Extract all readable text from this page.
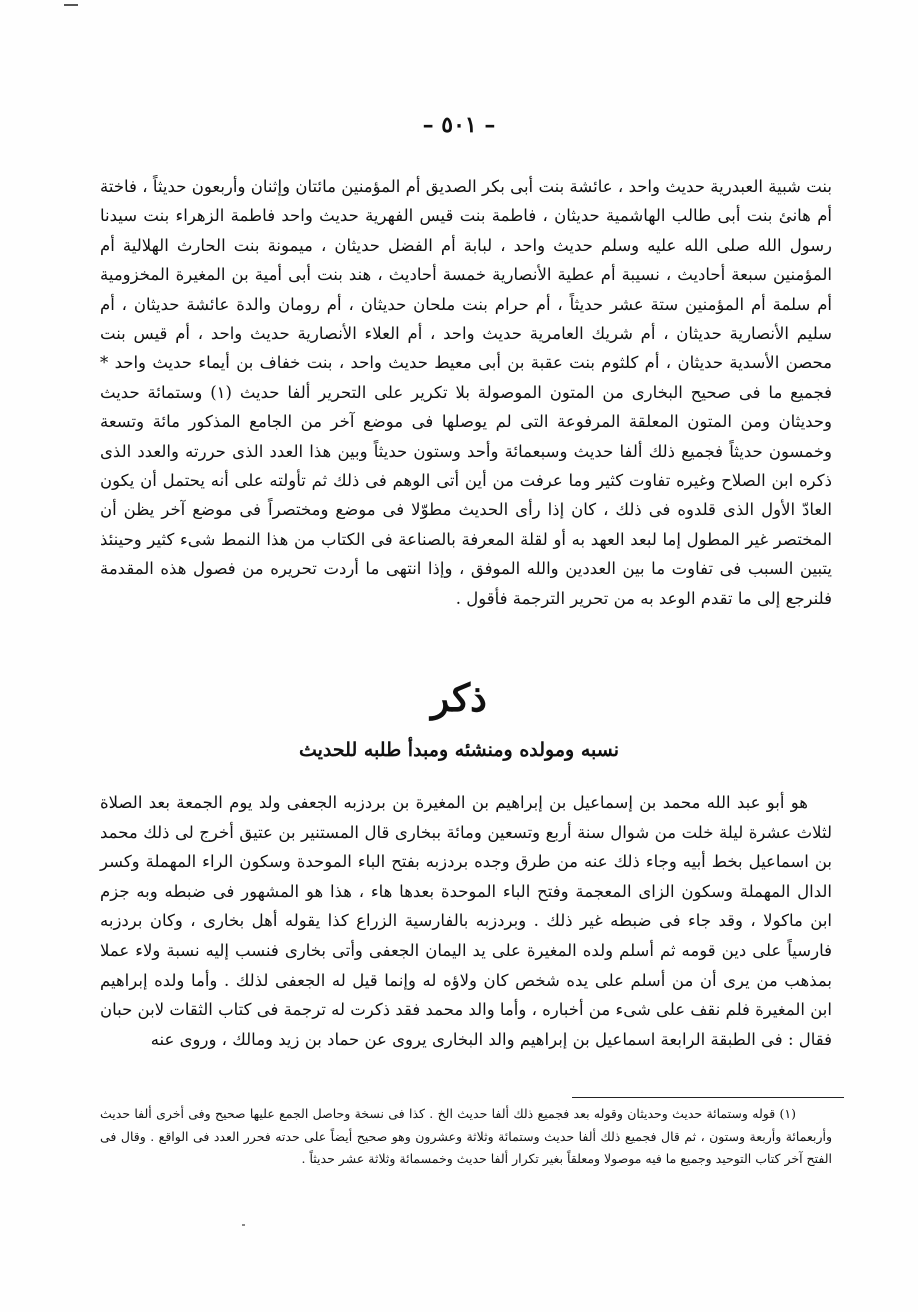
– ٥٠١ –
بنت شبية العبدرية حديث واحد ، عائشة بنت أبى بكر الصديق أم المؤمنين مائتان وإثنان وأربعون حديثاً ، فاختة أم هانئ بنت أبى طالب الهاشمية حديثان ، فاطمة بنت قيس الفهرية حديث واحد فاطمة الزهراء بنت سيدنا رسول الله صلى الله عليه وسلم حديث واحد ، لبابة أم الفضل حديثان ، ميمونة بنت الحارث الهلالية أم المؤمنين سبعة أحاديث ، نسيبة أم عطية الأنصارية خمسة أحاديث ، هند بنت أبى أمية بن المغيرة المخزومية أم سلمة أم المؤمنين ستة عشر حديثاً ، أم حرام بنت ملحان حديثان ، أم رومان والدة عائشة حديثان ، أم سليم الأنصارية حديثان ، أم شريك العامرية حديث واحد ، أم العلاء الأنصارية حديث واحد ، أم قيس بنت محصن الأسدية حديثان ، أم كلثوم بنت عقبة بن أبى معيط حديث واحد ، بنت خفاف بن أيماء حديث واحد * فجميع ما فى صحيح البخارى من المتون الموصولة بلا تكرير على التحرير ألفا حديث (١) وستمائة حديث وحديثان ومن المتون المعلقة المرفوعة التى لم يوصلها فى موضع آخر من الجامع المذكور مائة وتسعة وخمسون حديثاً فجميع ذلك ألفا حديث وسبعمائة وأحد وستون حديثاً وبين هذا العدد الذى حررته والعدد الذى ذكره ابن الصلاح وغيره تفاوت كثير وما عرفت من أين أتى الوهم فى ذلك ثم تأولته على أنه يحتمل أن يكون العادّ الأول الذى قلدوه فى ذلك ، كان إذا رأى الحديث مطوّلا فى موضع ومختصراً فى موضع آخر يظن أن المختصر غير المطول إما لبعد العهد به أو لقلة المعرفة بالصناعة فى الكتاب من هذا النمط شىء كثير وحينئذ يتبين السبب فى تفاوت ما بين العددين والله الموفق ، وإذا انتهى ما أردت تحريره من فصول هذه المقدمة فلنرجع إلى ما تقدم الوعد به من تحرير الترجمة فأقول .
ذكر
نسبه ومولده ومنشئه ومبدأ طلبه للحديث
هو أبو عبد الله محمد بن إسماعيل بن إبراهيم بن المغيرة بن بردزبه الجعفى ولد يوم الجمعة بعد الصلاة لثلاث عشرة ليلة خلت من شوال سنة أربع وتسعين ومائة ببخارى قال المستنير بن عتيق أخرج لى ذلك محمد بن اسماعيل بخط أبيه وجاء ذلك عنه من طرق وجده بردزبه بفتح الباء الموحدة وسكون الراء المهملة وكسر الدال المهملة وسكون الزاى المعجمة وفتح الباء الموحدة بعدها هاء ، هذا هو المشهور فى ضبطه وبه جزم ابن ماكولا ، وقد جاء فى ضبطه غير ذلك . وبردزبه بالفارسية الزراع كذا يقوله أهل بخارى ، وكان بردزبه فارسياً على دين قومه ثم أسلم ولده المغيرة على يد اليمان الجعفى وأتى بخارى فنسب إليه نسبة ولاء عملا بمذهب من يرى أن من أسلم على يده شخص كان ولاؤه له وإنما قيل له الجعفى لذلك . وأما ولده إبراهيم ابن المغيرة فلم نقف على شىء من أخباره ، وأما والد محمد فقد ذكرت له ترجمة فى كتاب الثقات لابن حبان فقال : فى الطبقة الرابعة اسماعيل بن إبراهيم والد البخارى يروى عن حماد بن زيد ومالك ، وروى عنه
(١) قوله وستمائة حديث وحديثان وقوله بعد فجميع ذلك ألفا حديث الخ . كذا فى نسخة وحاصل الجمع عليها صحيح وفى أخرى ألفا حديث وأربعمائة وأربعة وستون ، ثم قال فجميع ذلك ألفا حديث وستمائة وثلاثة وعشرون وهو صحيح أيضاً على حدته فحرر العدد فى الواقع . وقال فى الفتح آخر كتاب التوحيد وجميع ما فيه موصولا ومعلقاً بغير تكرار ألفا حديث وخمسمائة وثلاثة عشر حديثاً .
